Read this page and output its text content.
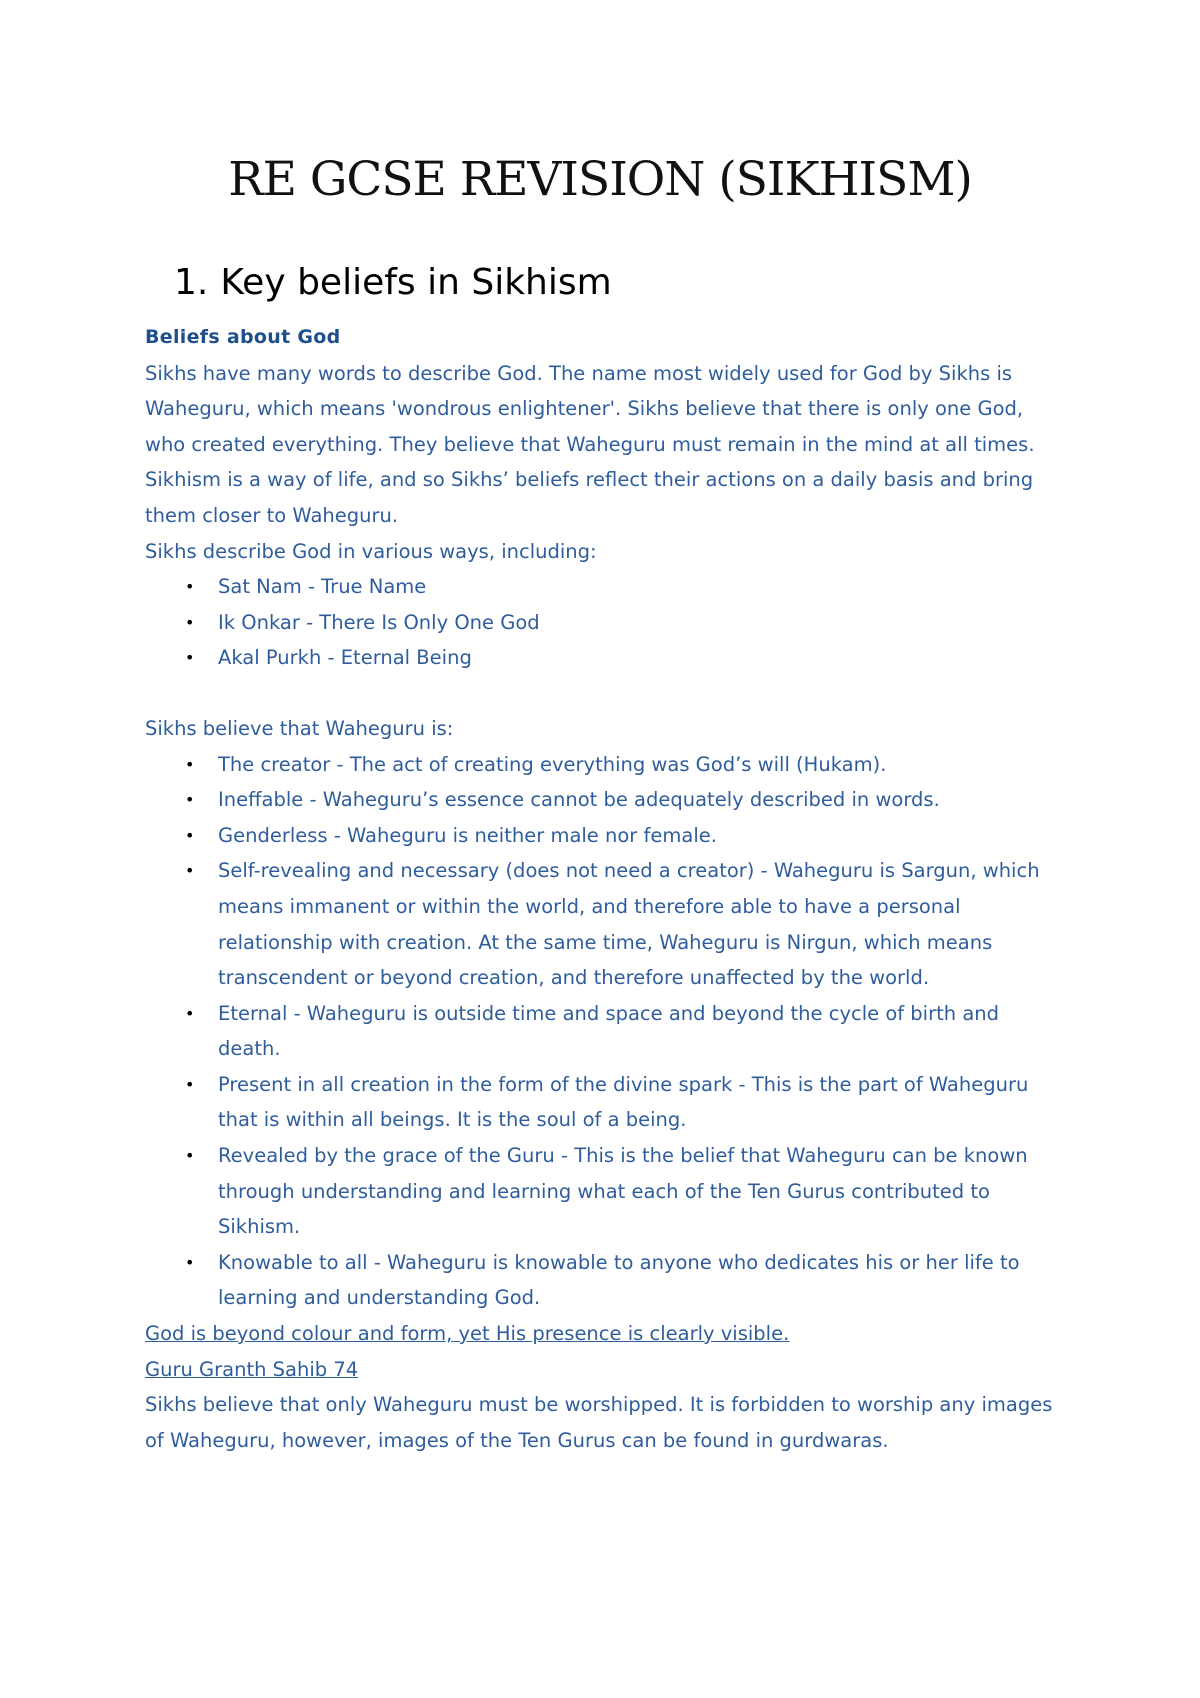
RE GCSE REVISION (SIKHISM)
1. Key beliefs in Sikhism

Beliefs about God

Sikhs have many words to describe God. The name most widely used for God by Sikhs is Waheguru, which means 'wondrous enlightener'. Sikhs believe that there is only one God, who created everything. They believe that Waheguru must remain in the mind at all times. Sikhism is a way of life, and so Sikhs’ beliefs reflect their actions on a daily basis and bring them closer to Waheguru.

Sikhs describe God in various ways, including:

• Sat Nam - True Name
• Ik Onkar - There Is Only One God
• Akal Purkh - Eternal Being

Sikhs believe that Waheguru is:

• The creator - The act of creating everything was God’s will (Hukam).
• Ineffable - Waheguru’s essence cannot be adequately described in words.
• Genderless - Waheguru is neither male nor female.
• Self-revealing and necessary (does not need a creator) - Waheguru is Sargun, which means immanent or within the world, and therefore able to have a personal relationship with creation. At the same time, Waheguru is Nirgun, which means transcendent or beyond creation, and therefore unaffected by the world.
• Eternal - Waheguru is outside time and space and beyond the cycle of birth and death.
• Present in all creation in the form of the divine spark - This is the part of Waheguru that is within all beings. It is the soul of a being.
• Revealed by the grace of the Guru - This is the belief that Waheguru can be known through understanding and learning what each of the Ten Gurus contributed to Sikhism.
• Knowable to all - Waheguru is knowable to anyone who dedicates his or her life to learning and understanding God.

God is beyond colour and form, yet His presence is clearly visible.

Guru Granth Sahib 74

Sikhs believe that only Waheguru must be worshipped. It is forbidden to worship any images of Waheguru, however, images of the Ten Gurus can be found in gurdwaras.
